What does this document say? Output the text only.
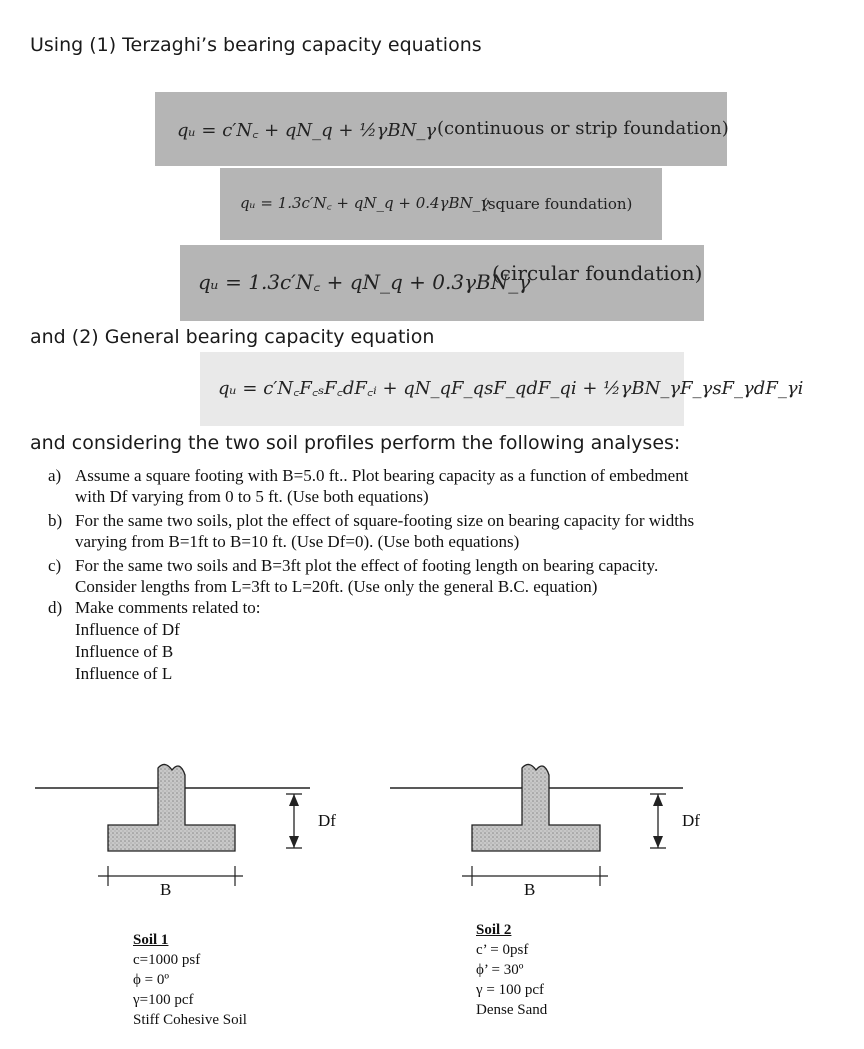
Using (1) Terzaghi’s bearing capacity equations
qᵤ = c′N꜀ + qN_q + ½γBN_γ (continuous or strip foundation)
qᵤ = 1.3c′N꜀ + qN_q + 0.4γBN_γ
(square foundation)
qᵤ = 1.3c′N꜀ + qN_q + 0.3γBN_γ
(circular foundation)
and (2) General bearing capacity equation
qᵤ = c′N꜀F꜀ₛF꜀dF꜀ᵢ + qN_qF_qsF_qdF_qi + ½γBN_γF_γsF_γdF_γi
and considering the two soil profiles perform the following analyses:
a) Assume a square footing with B=5.0 ft.. Plot bearing capacity as a function of embedment
with Df varying from 0 to 5 ft. (Use both equations)
b) For the same two soils, plot the effect of square-footing size on bearing capacity for widths
varying from B=1ft to B=10 ft. (Use Df=0). (Use both equations)
c) For the same two soils and B=3ft plot the effect of footing length on bearing capacity.
Consider lengths from L=3ft to L=20ft. (Use only the general B.C. equation)
d) Make comments related to:
Influence of Df
Influence of B
Influence of L
B
Df
B
Df
Soil 1
c=1000 psf
ϕ = 0º
γ=100 pcf
Stiff Cohesive Soil
Soil 2
c’ = 0psf
ϕ’ = 30º
γ = 100 pcf
Dense Sand
